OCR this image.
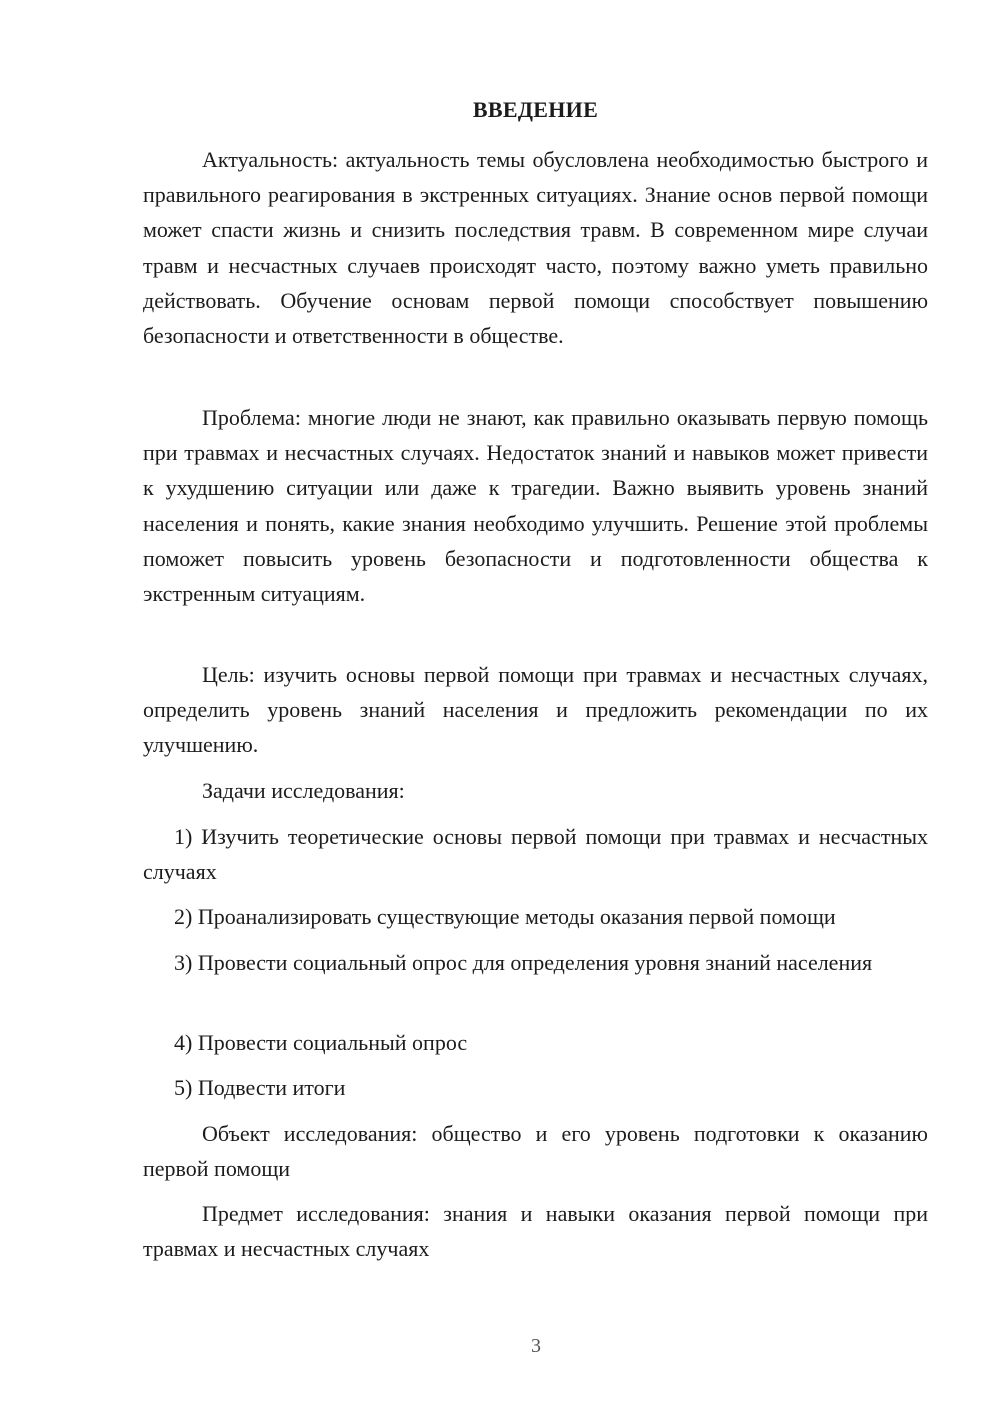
ВВЕДЕНИЕ

Актуальность: актуальность темы обусловлена необходимостью быстрого и правильного реагирования в экстренных ситуациях. Знание основ первой помощи может спасти жизнь и снизить последствия травм. В современном мире случаи травм и несчастных случаев происходят часто, поэтому важно уметь правильно действовать. Обучение основам первой помощи способствует повышению безопасности и ответственности в обществе.

Проблема: многие люди не знают, как правильно оказывать первую помощь при травмах и несчастных случаях. Недостаток знаний и навыков может привести к ухудшению ситуации или даже к трагедии. Важно выявить уровень знаний населения и понять, какие знания необходимо улучшить. Решение этой проблемы поможет повысить уровень безопасности и подготовленности общества к экстренным ситуациям.

Цель: изучить основы первой помощи при травмах и несчастных случаях, определить уровень знаний населения и предложить рекомендации по их улучшению.

Задачи исследования:

1) Изучить теоретические основы первой помощи при травмах и несчастных случаях

2) Проанализировать существующие методы оказания первой помощи

3) Провести социальный опрос для определения уровня знаний населения

4) Провести социальный опрос

5) Подвести итоги

Объект исследования: общество и его уровень подготовки к оказанию первой помощи

Предмет исследования: знания и навыки оказания первой помощи при травмах и несчастных случаях

3
